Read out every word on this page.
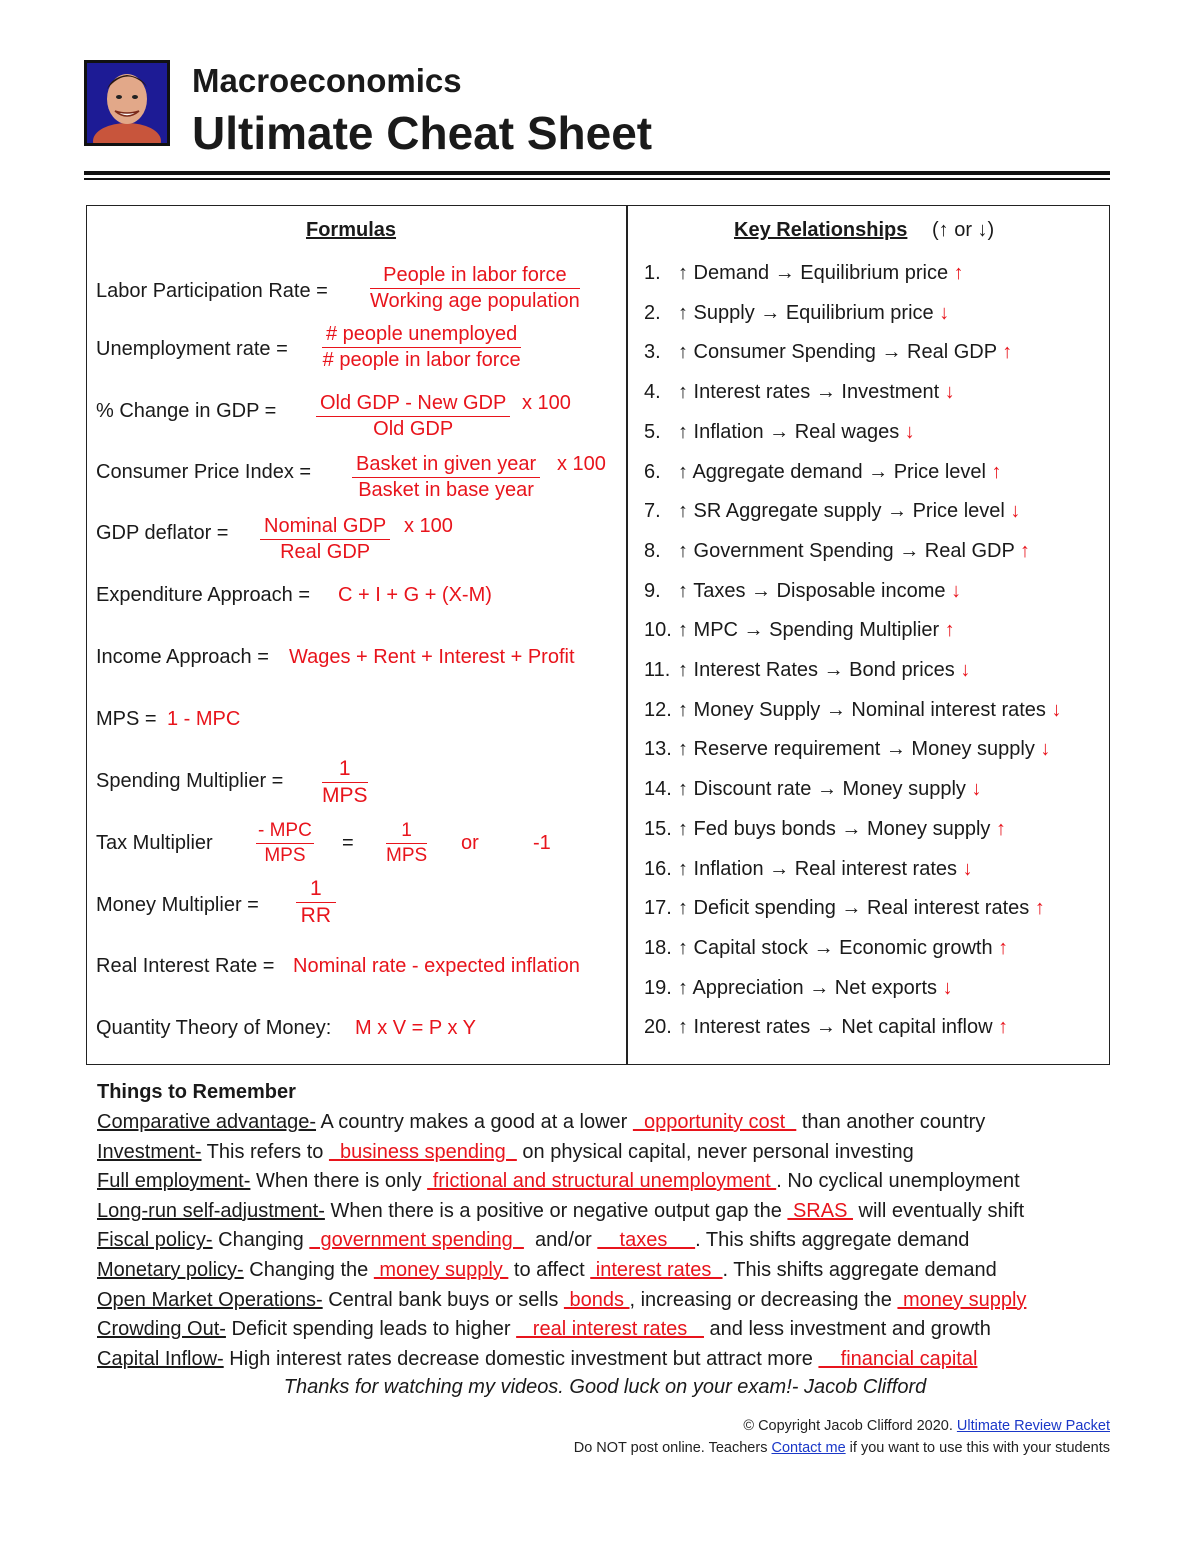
Macroeconomics
Ultimate Cheat Sheet
Formulas
Labor Participation Rate =
People in labor force
Working age population
Unemployment rate =
# people unemployed
# people in labor force
% Change in GDP = Old GDP - New GDP
Old GDP
x 100
Consumer Price Index = Basket in given year
Basket in base year
x 100
GDP deflator = Nominal GDP
Real GDP
x 100
Expenditure Approach = C + I + G + (X-M)
Income Approach = Wages + Rent + Interest + Profit
MPS = 1 - MPC
Spending Multiplier =
1
MPS
Tax Multiplier
- MPC
MPS
=
1
MPS
or	-1
Money Multiplier = $\frac{1}{RR}$
Real Interest Rate = Nominal rate - expected inflation
Quantity Theory of Money: M x V = P x Y
Key Relationships (↑ or ↓)
1. ↑ Demand → Equilibrium price ↑
2. ↑ Supply → Equilibrium price ↓
3. ↑ Consumer Spending → Real GDP ↑
4. ↑ Interest rates → Investment ↓
5. ↑ Inflation → Real wages ↓
6. ↑ Aggregate demand → Price level ↑
7. ↑ SR Aggregate supply → Price level ↓
8. ↑ Government Spending → Real GDP ↑
9. ↑ Taxes → Disposable income ↓
10. ↑ MPC → Spending Multiplier ↑
11. ↑ Interest Rates → Bond prices ↓
12. ↑ Money Supply → Nominal interest rates ↓
13. ↑ Reserve requirement → Money supply ↓
14. ↑ Discount rate → Money supply ↓
15. ↑ Fed buys bonds → Money supply ↑
16. ↑ Inflation → Real interest rates ↓
17. ↑ Deficit spending → Real interest rates ↑
18. ↑ Capital stock → Economic growth ↑
19. ↑ Appreciation → Net exports ↓
20. ↑ Interest rates → Net capital inflow ↑
Things to Remember
Comparative advantage- A country makes a good at a lower   opportunity cost   than another country
Investment- This refers to   business spending   on physical capital, never personal investing
Full employment- When there is only  frictional and structural unemployment . No cyclical unemployment
Long-run self-adjustment- When there is a positive or negative output gap the  SRAS  will eventually shift
Fiscal policy- Changing   government spending    and/or     taxes     . This shifts aggregate demand
Monetary policy- Changing the  money supply  to affect  interest rates  . This shifts aggregate demand
Open Market Operations- Central bank buys or sells  bonds , increasing or decreasing the  money supply
Crowding Out- Deficit spending leads to higher    real interest rates    and less investment and growth
Capital Inflow- High interest rates decrease domestic investment but attract more     financial capital
Thanks for watching my videos. Good luck on your exam!- Jacob Clifford
© Copyright Jacob Clifford 2020. Ultimate Review Packet
Do NOT post online. Teachers Contact me if you want to use this with your students
